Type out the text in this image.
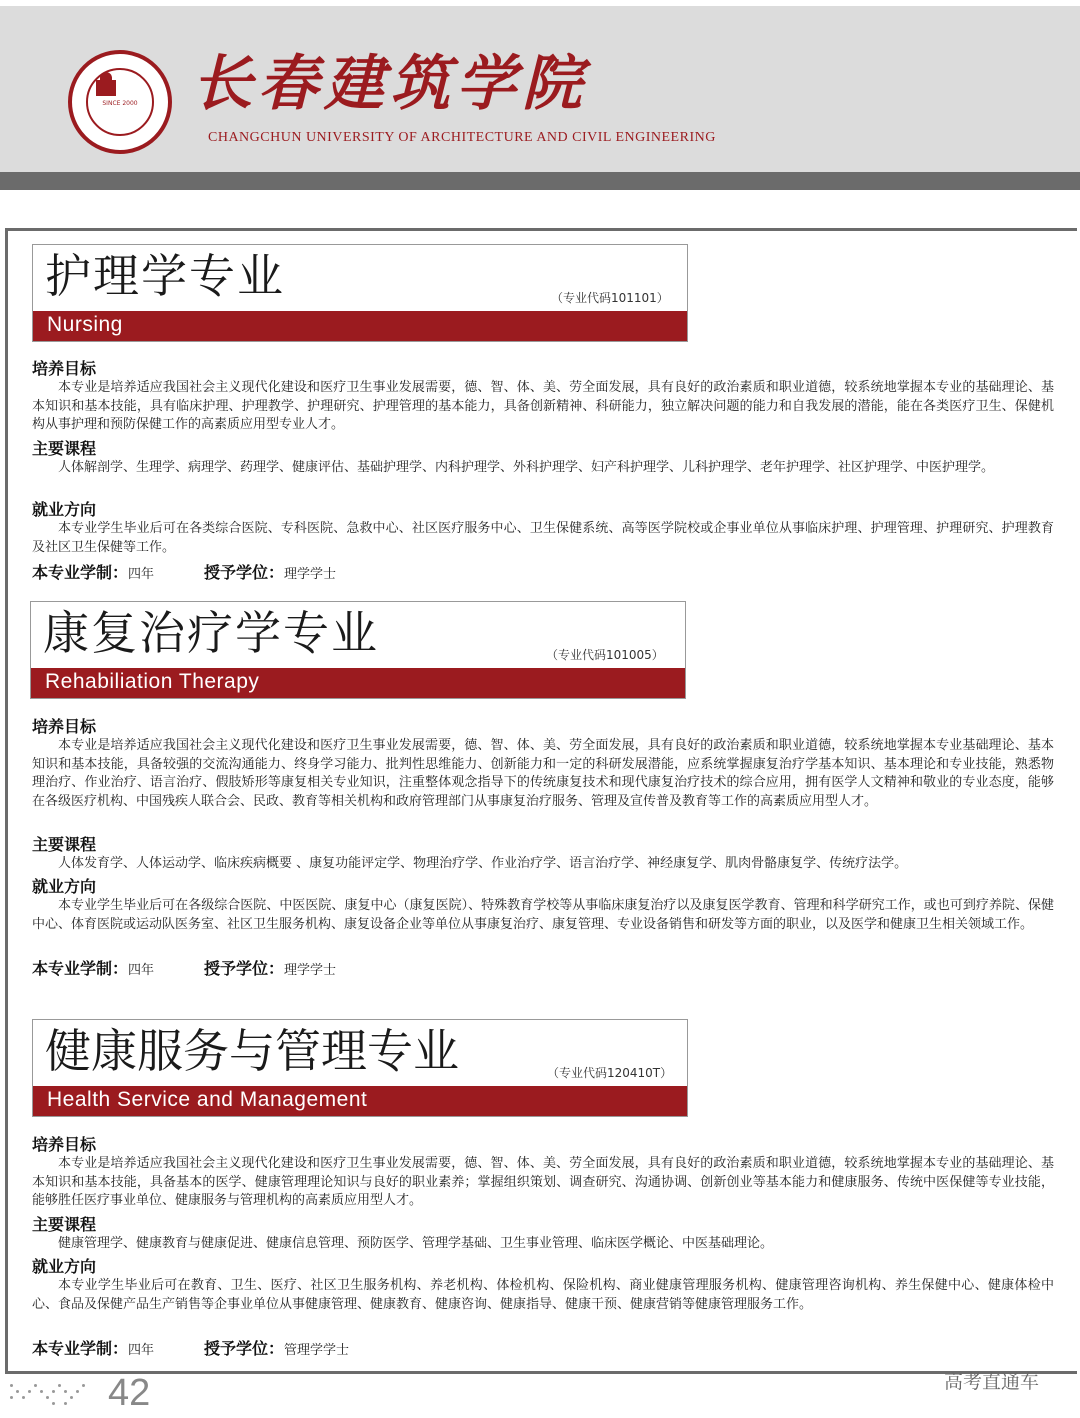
SINCE 2000 长春建筑学院
CHANGCHUN UNIVERSITY OF ARCHITECTURE AND CIVIL ENGINEERING
护理学专业	（专业代码101101）
Nursing
培养目标
本专业是培养适应我国社会主义现代化建设和医疗卫生事业发展需要，德、智、体、美、劳全面发展，具有良好的政治素质和职业道德，较系统地掌握本专业的基础理论、基本知识和基本技能，具有临床护理、护理教学、护理研究、护理管理的基本能力，具备创新精神、科研能力，独立解决问题的能力和自我发展的潜能，能在各类医疗卫生、保健机构从事护理和预防保健工作的高素质应用型专业人才。
主要课程
人体解剖学、生理学、病理学、药理学、健康评估、基础护理学、内科护理学、外科护理学、妇产科护理学、儿科护理学、老年护理学、社区护理学、中医护理学。
就业方向
本专业学生毕业后可在各类综合医院、专科医院、急救中心、社区医疗服务中心、卫生保健系统、高等医学院校或企事业单位从事临床护理、护理管理、护理研究、护理教育及社区卫生保健等工作。
本专业学制：四年	授予学位：理学学士
康复治疗学专业	（专业代码101005）
Rehabiliation Therapy
培养目标
本专业是培养适应我国社会主义现代化建设和医疗卫生事业发展需要，德、智、体、美、劳全面发展，具有良好的政治素质和职业道德，较系统地掌握本专业基础理论、基本知识和基本技能，具备较强的交流沟通能力、终身学习能力、批判性思维能力、创新能力和一定的科研发展潜能，应系统掌握康复治疗学基本知识、基本理论和专业技能，熟悉物理治疗、作业治疗、语言治疗、假肢矫形等康复相关专业知识，注重整体观念指导下的传统康复技术和现代康复治疗技术的综合应用，拥有医学人文精神和敬业的专业态度，能够在各级医疗机构、中国残疾人联合会、民政、教育等相关机构和政府管理部门从事康复治疗服务、管理及宣传普及教育等工作的高素质应用型人才。
主要课程
人体发育学、人体运动学、临床疾病概要 、康复功能评定学、物理治疗学、作业治疗学、语言治疗学、神经康复学、肌肉骨骼康复学、传统疗法学。
就业方向
本专业学生毕业后可在各级综合医院、中医医院、康复中心（康复医院）、特殊教育学校等从事临床康复治疗以及康复医学教育、管理和科学研究工作，或也可到疗养院、保健中心、体育医院或运动队医务室、社区卫生服务机构、康复设备企业等单位从事康复治疗、康复管理、专业设备销售和研发等方面的职业，以及医学和健康卫生相关领域工作。
本专业学制：四年	授予学位：理学学士
健康服务与管理专业	（专业代码120410T）
Health Service and Management
培养目标
本专业是培养适应我国社会主义现代化建设和医疗卫生事业发展需要，德、智、体、美、劳全面发展，具有良好的政治素质和职业道德，较系统地掌握本专业的基础理论、基本知识和基本技能，具备基本的医学、健康管理理论知识与良好的职业素养；掌握组织策划、调查研究、沟通协调、创新创业等基本能力和健康服务、传统中医保健等专业技能，能够胜任医疗事业单位、健康服务与管理机构的高素质应用型人才。
主要课程
健康管理学、健康教育与健康促进、健康信息管理、预防医学、管理学基础、卫生事业管理、临床医学概论、中医基础理论。
就业方向
本专业学生毕业后可在教育、卫生、医疗、社区卫生服务机构、养老机构、体检机构、保险机构、商业健康管理服务机构、健康管理咨询机构、养生保健中心、健康体检中心、食品及保健产品生产销售等企事业单位从事健康管理、健康教育、健康咨询、健康指导、健康干预、健康营销等健康管理服务工作。
本专业学制：四年	授予学位：管理学学士
42	高考直通车
